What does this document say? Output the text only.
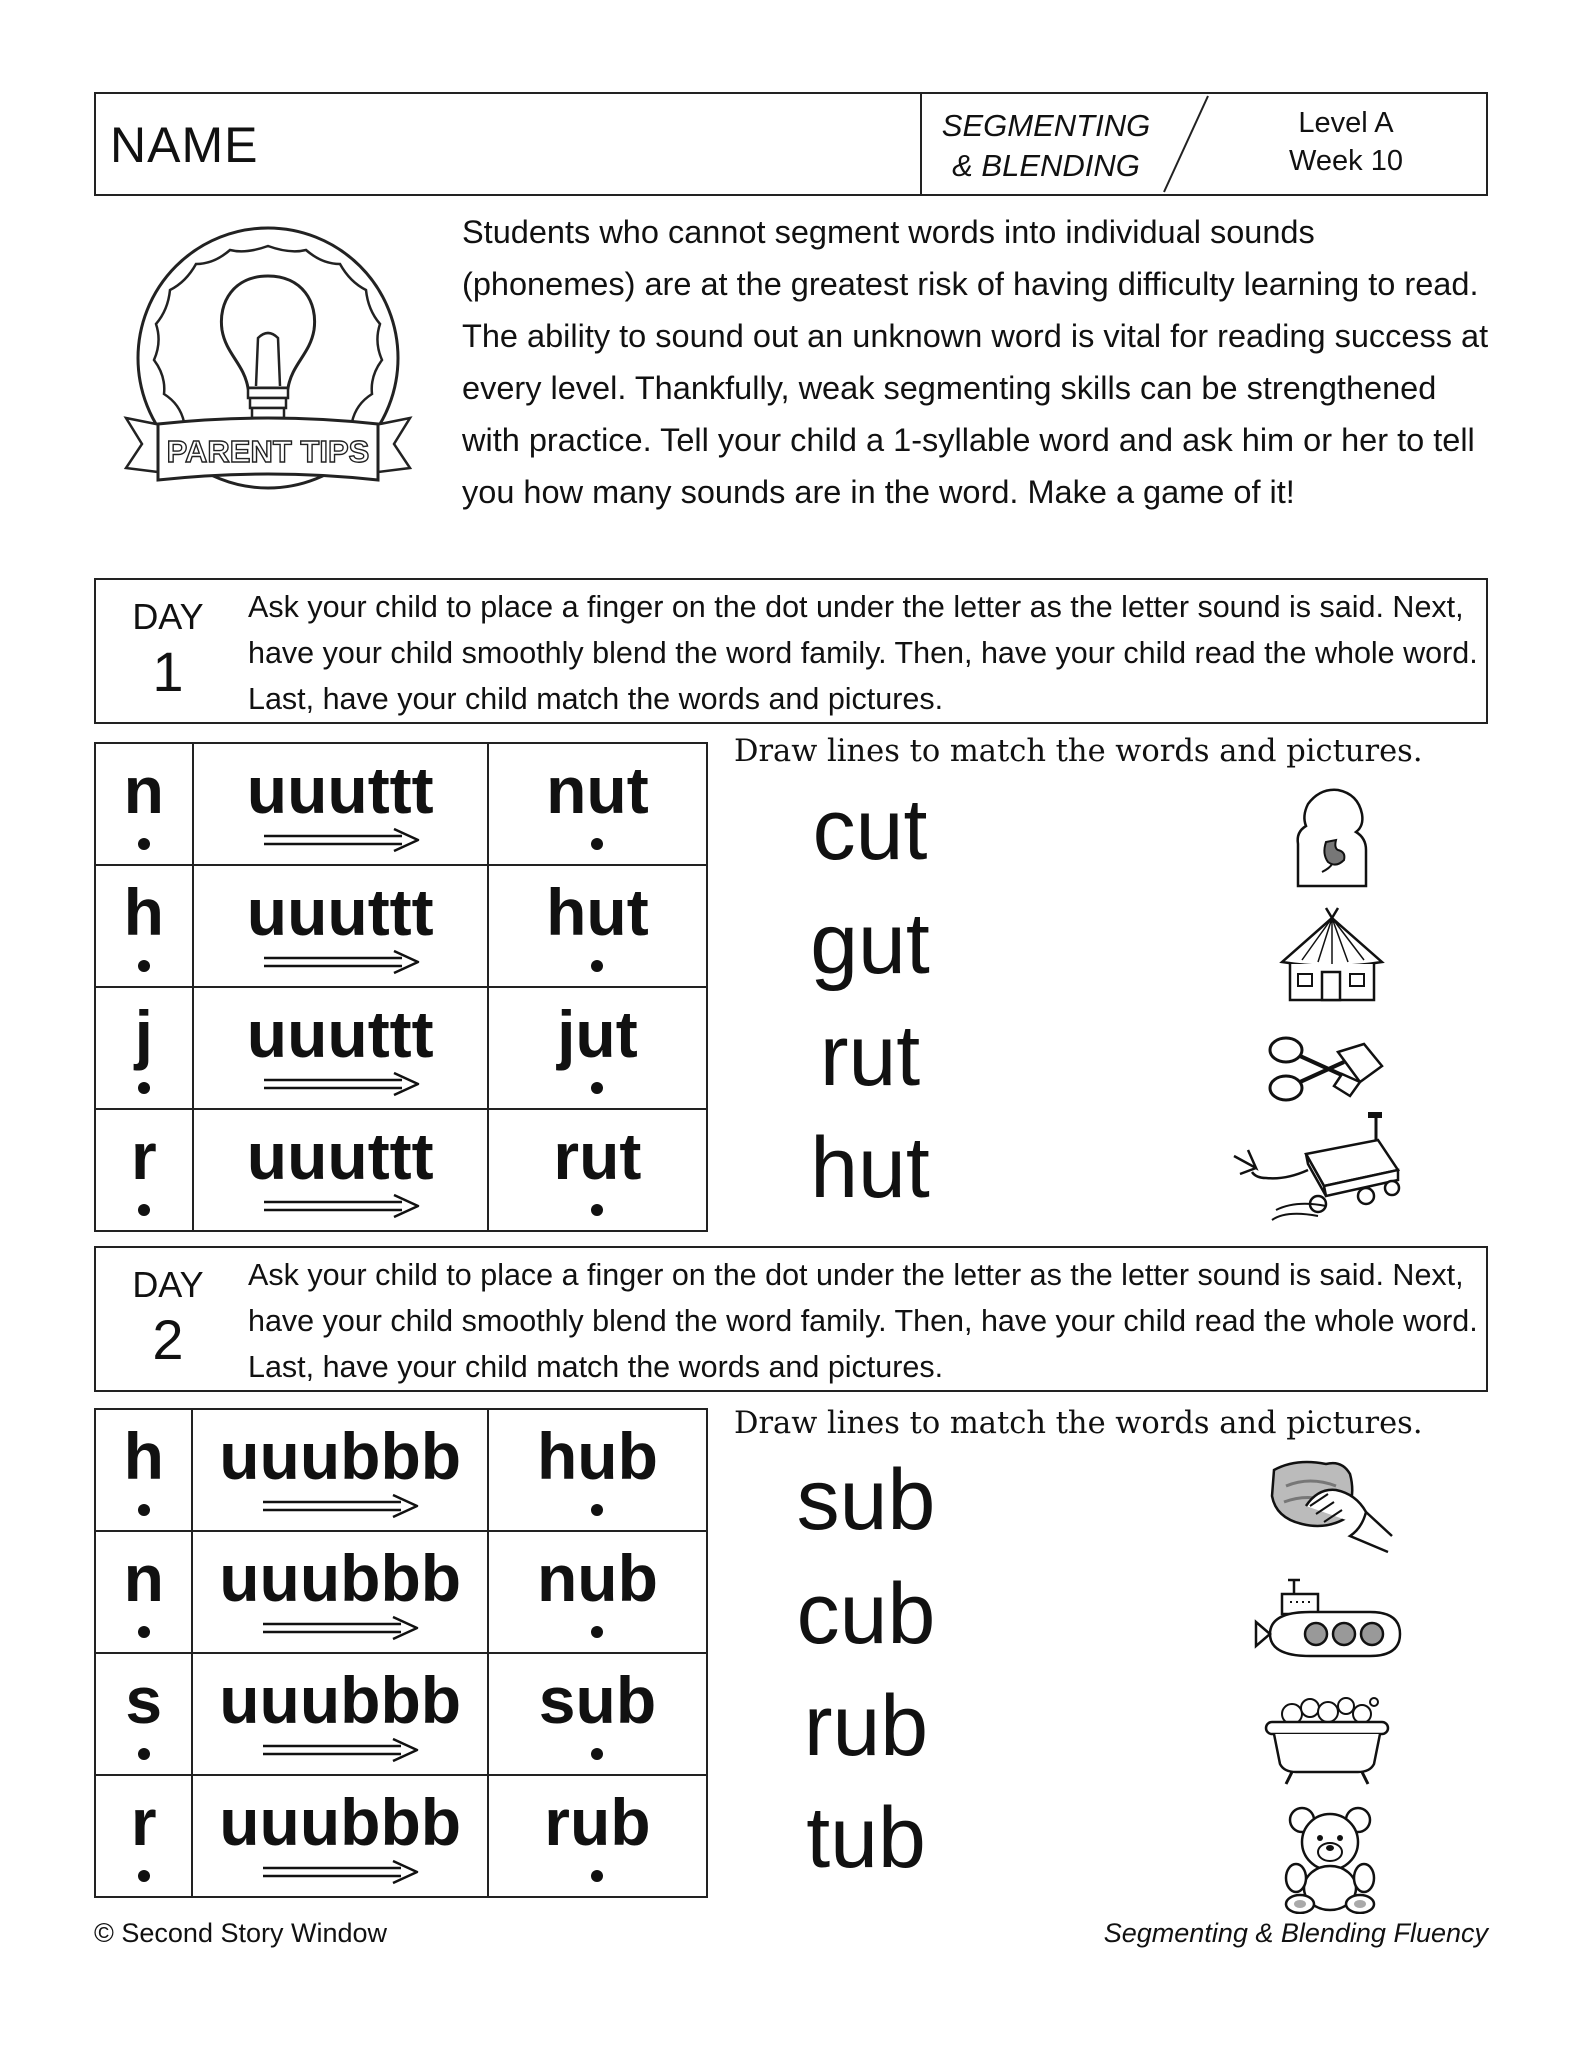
NAME	SEGMENTING
& BLENDING
Level A
Week 10
PARENT TIPS
Students who cannot segment words into individual sounds (phonemes) are at the greatest risk of having difficulty learning to read. The ability to sound out an unknown word is vital for reading success at every level. Thankfully, weak segmenting skills can be strengthened with practice. Tell your child a 1-syllable word and ask him or her to tell you how many sounds are in the word. Make a game of it!
DAY
1
Ask your child to place a finger on the dot under the letter as the letter sound is said. Next, have your child smoothly blend the word family. Then, have your child read the whole word. Last, have your child match the words and pictures.
n	uuuttt	nut

h	uuuttt	hut

j	uuuttt	jut

r	uuuttt	rut
Draw lines to match the words and pictures.
cut
gut
rut
hut
DAY
2
Ask your child to place a finger on the dot under the letter as the letter sound is said. Next, have your child smoothly blend the word family. Then, have your child read the whole word. Last, have your child match the words and pictures.
h	uuubbb	hub

n	uuubbb	nub

s	uuubbb	sub

r	uuubbb	rub
Draw lines to match the words and pictures.
sub
cub
rub
tub
© Second Story Window	Segmenting & Blending Fluency
